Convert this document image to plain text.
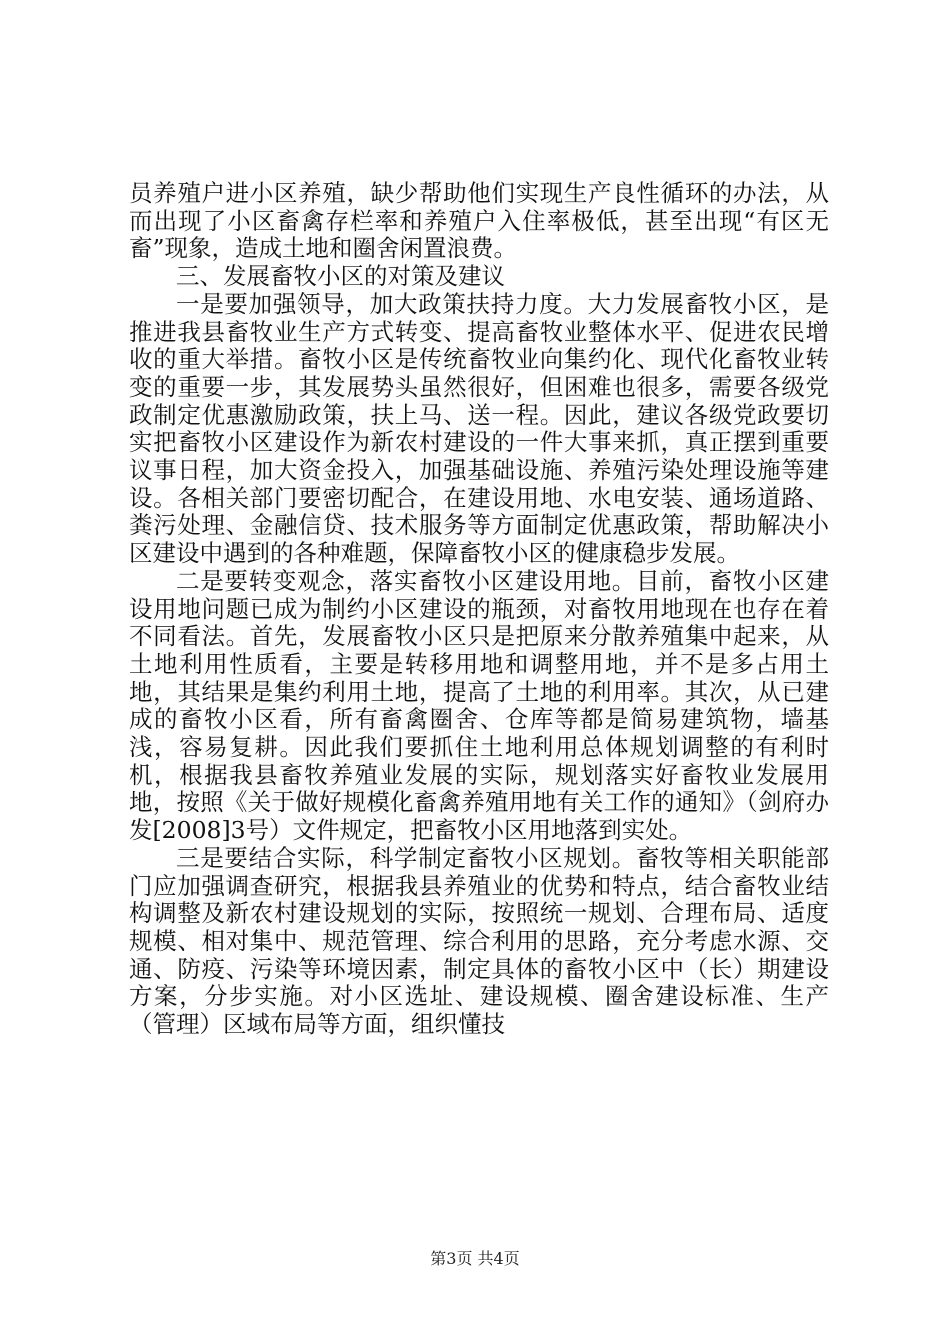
员养殖户进小区养殖，缺少帮助他们实现生产良性循环的办法，从而出现了小区畜禽存栏率和养殖户入住率极低，甚至出现“有区无畜”现象，造成土地和圈舍闲置浪费。

三、发展畜牧小区的对策及建议

一是要加强领导，加大政策扶持力度。大力发展畜牧小区，是推进我县畜牧业生产方式转变、提高畜牧业整体水平、促进农民增收的重大举措。畜牧小区是传统畜牧业向集约化、现代化畜牧业转变的重要一步，其发展势头虽然很好，但困难也很多，需要各级党政制定优惠激励政策，扶上马、送一程。因此，建议各级党政要切实把畜牧小区建设作为新农村建设的一件大事来抓，真正摆到重要议事日程，加大资金投入，加强基础设施、养殖污染处理设施等建设。各相关部门要密切配合，在建设用地、水电安装、通场道路、粪污处理、金融信贷、技术服务等方面制定优惠政策，帮助解决小区建设中遇到的各种难题，保障畜牧小区的健康稳步发展。

二是要转变观念，落实畜牧小区建设用地。目前，畜牧小区建设用地问题已成为制约小区建设的瓶颈，对畜牧用地现在也存在着不同看法。首先，发展畜牧小区只是把原来分散养殖集中起来，从土地利用性质看，主要是转移用地和调整用地，并不是多占用土地，其结果是集约利用土地，提高了土地的利用率。其次，从已建成的畜牧小区看，所有畜禽圈舍、仓库等都是简易建筑物，墙基浅，容易复耕。因此我们要抓住土地利用总体规划调整的有利时机，根据我县畜牧养殖业发展的实际，规划落实好畜牧业发展用地，按照《关于做好规模化畜禽养殖用地有关工作的通知》（剑府办发[2008]3号）文件规定，把畜牧小区用地落到实处。

三是要结合实际，科学制定畜牧小区规划。畜牧等相关职能部门应加强调查研究，根据我县养殖业的优势和特点，结合畜牧业结构调整及新农村建设规划的实际，按照统一规划、合理布局、适度规模、相对集中、规范管理、综合利用的思路，充分考虑水源、交通、防疫、污染等环境因素，制定具体的畜牧小区中（长）期建设方案，分步实施。对小区选址、建设规模、圈舍建设标准、生产（管理）区域布局等方面，组织懂技

第3页 共4页
